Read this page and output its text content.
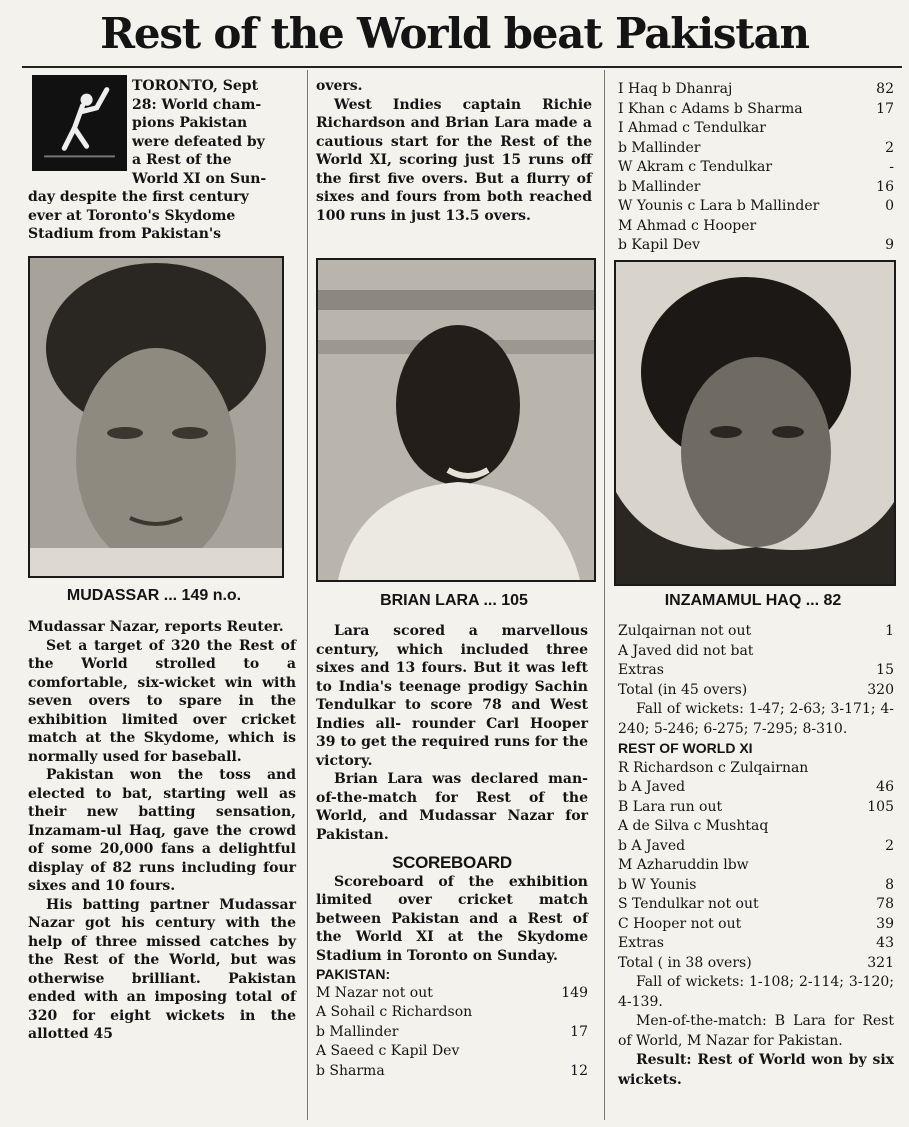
Rest of the World beat Pakistan
TORONTO, Sept
28: World cham-
pions Pakistan
were defeated by
a Rest of the
World XI on Sun-
day despite the first century
ever at Toronto's Skydome
Stadium from Pakistan's

overs.

West Indies captain Richie Richardson and Brian Lara made a cautious start for the Rest of the World XI, scoring just 15 runs off the first five overs. But a flurry of sixes and fours from both reached 100 runs in just 13.5 overs.

I Haq b Dhanraj	82
I Khan c Adams b Sharma	17
I Ahmad c Tendulkar
b Mallinder	2
W Akram c Tendulkar	-
b Mallinder	16
W Younis c Lara b Mallinder	0
M Ahmad c Hooper
b Kapil Dev	9
MUDASSAR ... 149 n.o.	BRIAN LARA ... 105	INZAMAMUL HAQ ... 82

Mudassar Nazar, reports Reuter.

Set a target of 320 the Rest of the World strolled to a comfortable, six-wicket win with seven overs to spare in the exhibition limited over cricket match at the Skydome, which is normally used for baseball.

Pakistan won the toss and elected to bat, starting well as their new batting sensation, Inzamam-ul Haq, gave the crowd of some 20,000 fans a delightful display of 82 runs including four sixes and 10 fours.

His batting partner Mudassar Nazar got his century with the help of three missed catches by the Rest of the World, but was otherwise brilliant. Pakistan ended with an imposing total of 320 for eight wickets in the allotted 45

Lara scored a marvellous century, which included three sixes and 13 fours. But it was left to India's teenage prodigy Sachin Tendulkar to score 78 and West Indies all- rounder Carl Hooper 39 to get the required runs for the victory.

Brian Lara was declared man-of-the-match for Rest of the World, and Mudassar Nazar for Pakistan.

SCOREBOARD

Scoreboard of the exhibition limited over cricket match between Pakistan and a Rest of the World XI at the Skydome Stadium in Toronto on Sunday.

PAKISTAN:
M Nazar not out	149
A Sohail c Richardson
b Mallinder	17
A Saeed c Kapil Dev
b Sharma	12
Zulqairnan not out	1
A Javed did not bat
Extras	15
Total (in 45 overs)	320
Fall of wickets: 1-47; 2-63; 3-171; 4-240; 5-246; 6-275; 7-295; 8-310.
REST OF WORLD XI
R Richardson c Zulqairnan
b A Javed	46
B Lara run out	105
A de Silva c Mushtaq
b A Javed	2
M Azharuddin lbw
b W Younis	8
S Tendulkar not out	78
C Hooper not out	39
Extras	43
Total ( in 38 overs)	321
Fall of wickets: 1-108; 2-114; 3-120; 4-139.
Men-of-the-match: B Lara for Rest of World, M Nazar for Pakistan.
Result: Rest of World won by six wickets.
